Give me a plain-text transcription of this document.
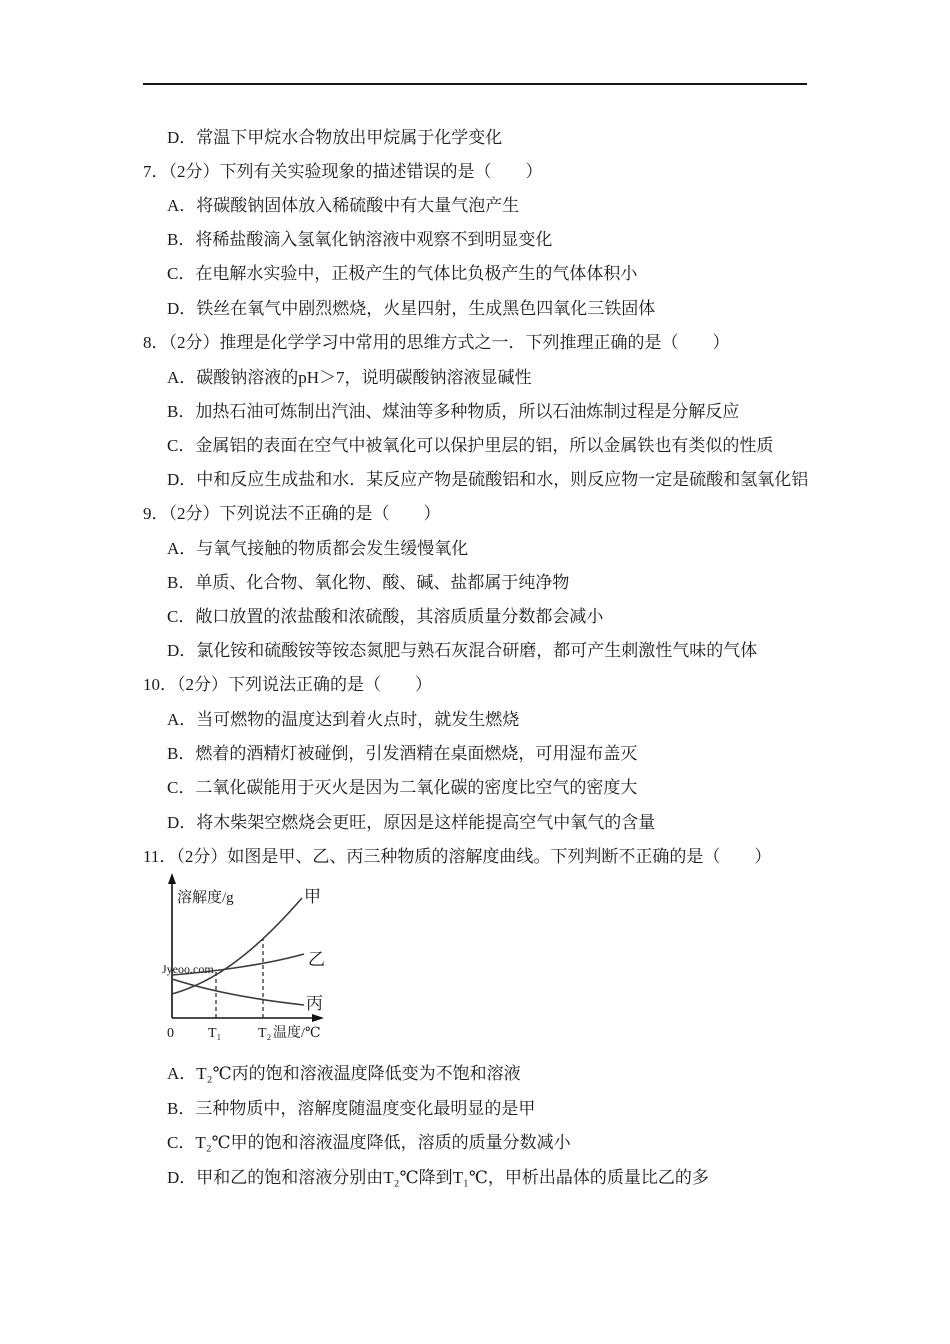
D．常温下甲烷水合物放出甲烷属于化学变化
7．（2分）下列有关实验现象的描述错误的是（　　）
A．将碳酸钠固体放入稀硫酸中有大量气泡产生
B．将稀盐酸滴入氢氧化钠溶液中观察不到明显变化
C．在电解水实验中，正极产生的气体比负极产生的气体体积小
D．铁丝在氧气中剧烈燃烧，火星四射，生成黑色四氧化三铁固体
8．（2分）推理是化学学习中常用的思维方式之一．下列推理正确的是（　　）
A．碳酸钠溶液的pH＞7，说明碳酸钠溶液显碱性
B．加热石油可炼制出汽油、煤油等多种物质，所以石油炼制过程是分解反应
C．金属铝的表面在空气中被氧化可以保护里层的铝，所以金属铁也有类似的性质
D．中和反应生成盐和水．某反应产物是硫酸铝和水，则反应物一定是硫酸和氢氧化铝
9．（2分）下列说法不正确的是（　　）
A．与氧气接触的物质都会发生缓慢氧化
B．单质、化合物、氧化物、酸、碱、盐都属于纯净物
C．敞口放置的浓盐酸和浓硫酸，其溶质质量分数都会减小
D．氯化铵和硫酸铵等铵态氮肥与熟石灰混合研磨，都可产生刺激性气味的气体
10．（2分）下列说法正确的是（　　）
A．当可燃物的温度达到着火点时，就发生燃烧
B．燃着的酒精灯被碰倒，引发酒精在桌面燃烧，可用湿布盖灭
C．二氧化碳能用于灭火是因为二氧化碳的密度比空气的密度大
D．将木柴架空燃烧会更旺，原因是这样能提高空气中氧气的含量
11．（2分）如图是甲、乙、丙三种物质的溶解度曲线。下列判断不正确的是（　　）
Jyeoo.com
溶解度/g	甲
乙
丙
0 T₁	T₂ 温度/℃
A．T₂℃丙的饱和溶液温度降低变为不饱和溶液
B．三种物质中，溶解度随温度变化最明显的是甲
C．T₂℃甲的饱和溶液温度降低，溶质的质量分数减小
D．甲和乙的饱和溶液分别由T₂℃降到T₁℃，甲析出晶体的质量比乙的多
